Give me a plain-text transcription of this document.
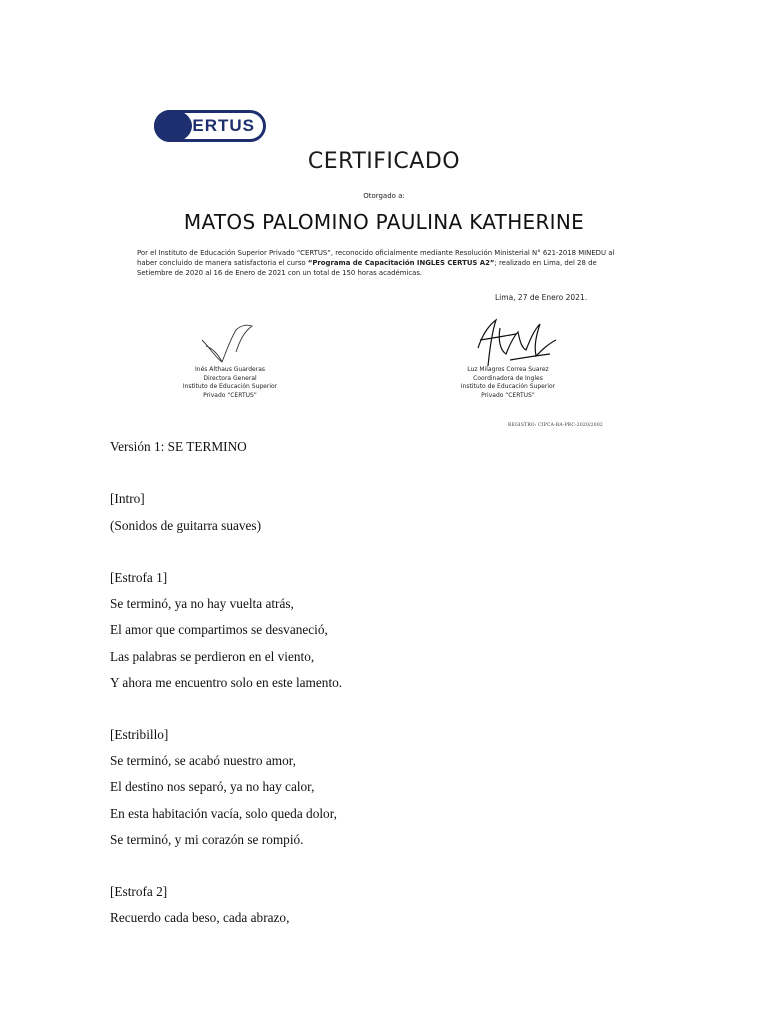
CERTUS
CERTIFICADO
Otorgado a:
MATOS PALOMINO PAULINA KATHERINE
Por el Instituto de Educación Superior Privado “CERTUS”, reconocido oficialmente mediante Resolución Ministerial N° 621-2018 MINEDU al haber concluido de manera satisfactoria el curso “Programa de Capacitación INGLES CERTUS A2”; realizado en Lima, del 28 de Setiembre de 2020 al 16 de Enero de 2021 con un total de 150 horas académicas.
Lima, 27 de Enero 2021.
Inés Althaus Guarderas
Directora General
Instituto de Educación Superior
Privado “CERTUS”
Luz Milagros Correa Suarez
Coordinadora de Ingles
Instituto de Educación Superior
Privado “CERTUS”
REGISTRO: CIPCA-RA-PRC-2020/2002
Versión 1: SE TERMINO
[Intro]
(Sonidos de guitarra suaves)
[Estrofa 1]
Se terminó, ya no hay vuelta atrás,
El amor que compartimos se desvaneció,
Las palabras se perdieron en el viento,
Y ahora me encuentro solo en este lamento.
[Estribillo]
Se terminó, se acabó nuestro amor,
El destino nos separó, ya no hay calor,
En esta habitación vacía, solo queda dolor,
Se terminó, y mi corazón se rompió.
[Estrofa 2]
Recuerdo cada beso, cada abrazo,
